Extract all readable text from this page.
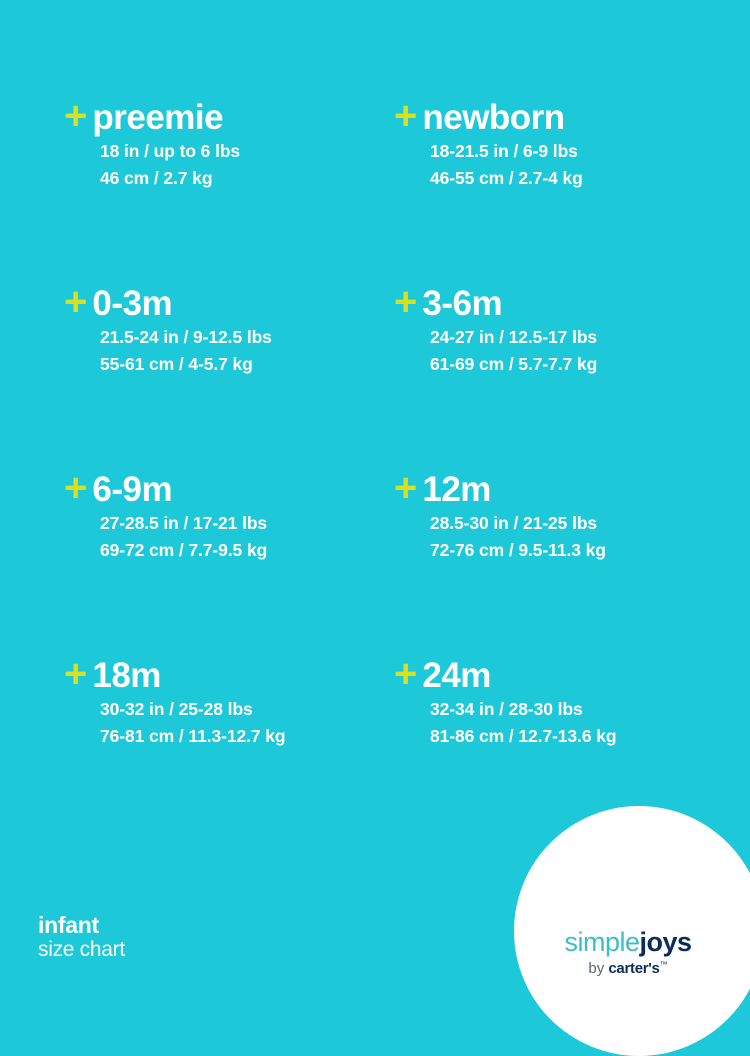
+ preemie
18 in / up to 6 lbs
46 cm / 2.7 kg
+ newborn
18-21.5 in / 6-9 lbs
46-55 cm / 2.7-4 kg
+ 0-3m
21.5-24 in / 9-12.5 lbs
55-61 cm / 4-5.7 kg
+ 3-6m
24-27 in / 12.5-17 lbs
61-69 cm / 5.7-7.7 kg
+ 6-9m
27-28.5 in / 17-21 lbs
69-72 cm / 7.7-9.5 kg
+ 12m
28.5-30 in / 21-25 lbs
72-76 cm / 9.5-11.3 kg
+ 18m
30-32 in / 25-28 lbs
76-81 cm / 11.3-12.7 kg
+ 24m
32-34 in / 28-30 lbs
81-86 cm / 12.7-13.6 kg
infant
size chart	simplejoys
by carter's™
